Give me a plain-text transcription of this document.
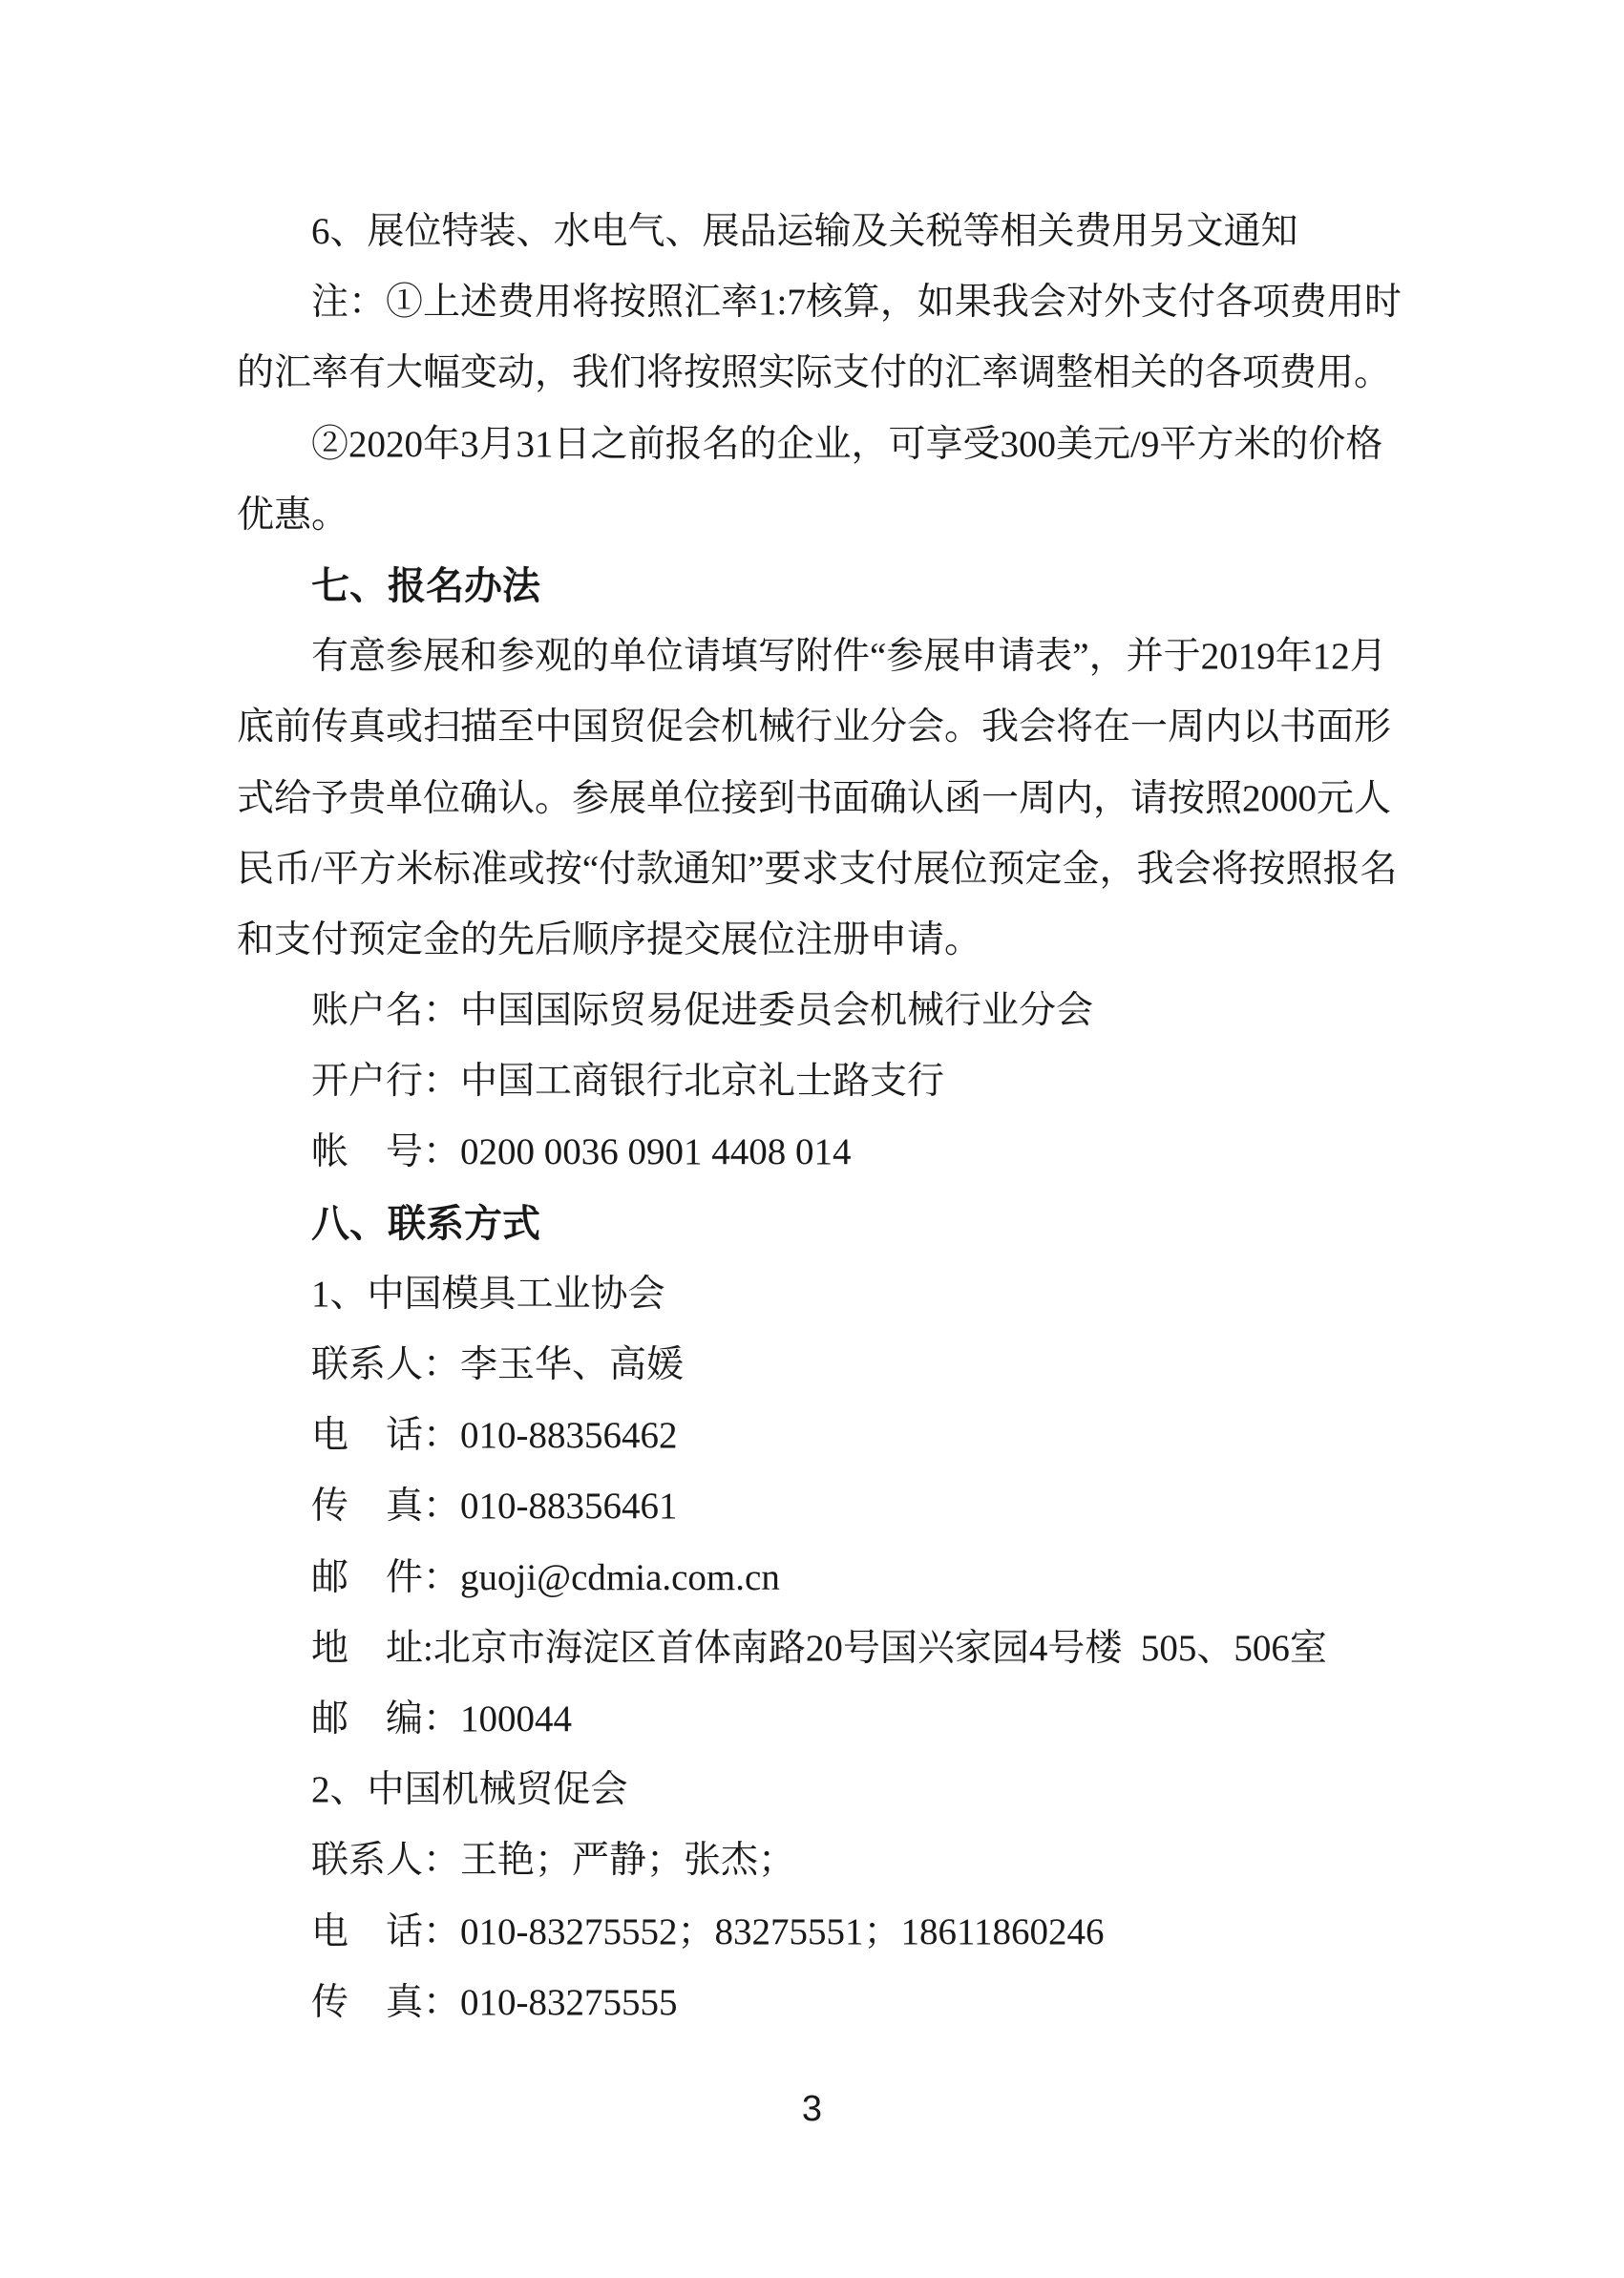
6、展位特装、水电气、展品运输及关税等相关费用另文通知
注：①上述费用将按照汇率1:7核算，如果我会对外支付各项费用时
的汇率有大幅变动，我们将按照实际支付的汇率调整相关的各项费用。
②2020年3月31日之前报名的企业，可享受300美元/9平方米的价格
优惠。
七、报名办法
有意参展和参观的单位请填写附件“参展申请表”，并于2019年12月
底前传真或扫描至中国贸促会机械行业分会。我会将在一周内以书面形
式给予贵单位确认。参展单位接到书面确认函一周内，请按照2000元人
民币/平方米标准或按“付款通知”要求支付展位预定金，我会将按照报名
和支付预定金的先后顺序提交展位注册申请。
账户名：中国国际贸易促进委员会机械行业分会
开户行：中国工商银行北京礼士路支行
帐　号：0200 0036 0901 4408 014
八、联系方式
1、中国模具工业协会
联系人：李玉华、高媛
电　话：010-88356462
传　真：010-88356461
邮　件：guoji@cdmia.com.cn
地　址:北京市海淀区首体南路20号国兴家园4号楼  505、506室
邮　编：100044
2、中国机械贸促会
联系人：王艳；严静；张杰；
电　话：010-83275552；83275551；18611860246
传　真：010-83275555
3
